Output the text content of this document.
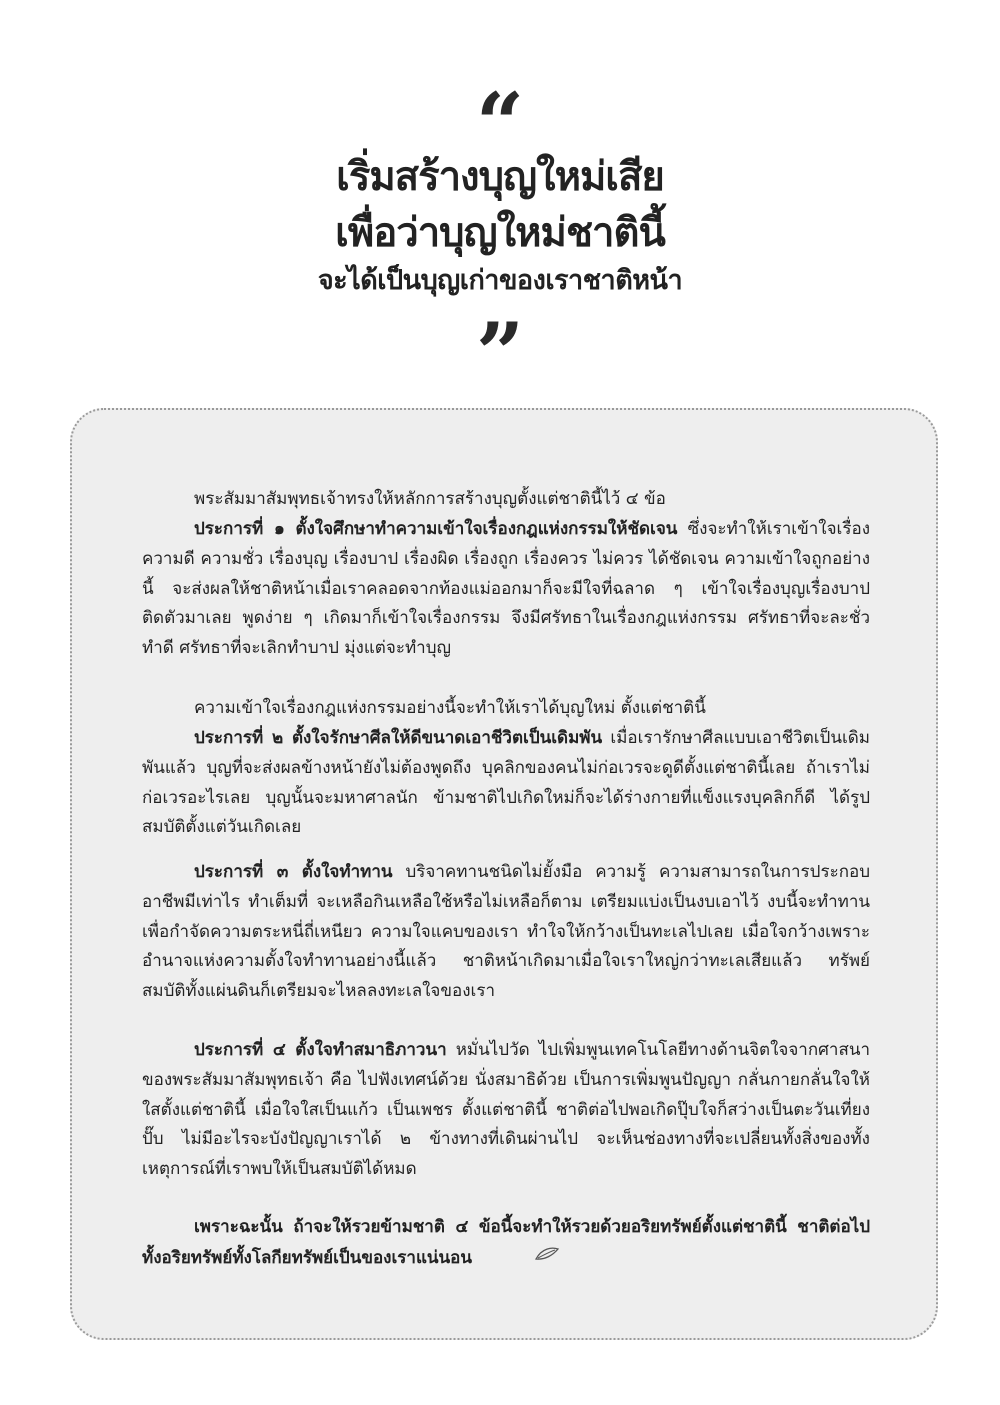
“
เริ่มสร้างบุญใหม่เสีย
เพื่อว่าบุญใหม่ชาตินี้
จะได้เป็นบุญเก่าของเราชาติหน้า
”

พระสัมมาสัมพุทธเจ้าทรงให้หลักการสร้างบุญตั้งแต่ชาตินี้ไว้ ๔ ข้อ

ประการที่ ๑ ตั้งใจศึกษาทำความเข้าใจเรื่องกฎแห่งกรรมให้ชัดเจน ซึ่งจะทำให้เราเข้าใจเรื่องความดี ความชั่ว เรื่องบุญ เรื่องบาป เรื่องผิด เรื่องถูก เรื่องควร ไม่ควร ได้ชัดเจน ความเข้าใจถูกอย่างนี้ จะส่งผลให้ชาติหน้าเมื่อเราคลอดจากท้องแม่ออกมาก็จะมีใจที่ฉลาด ๆ เข้าใจเรื่องบุญเรื่องบาปติดตัวมาเลย พูดง่าย ๆ เกิดมาก็เข้าใจเรื่องกรรม จึงมีศรัทธาในเรื่องกฎแห่งกรรม ศรัทธาที่จะละชั่ว ทำดี ศรัทธาที่จะเลิกทำบาป มุ่งแต่จะทำบุญ

ความเข้าใจเรื่องกฎแห่งกรรมอย่างนี้จะทำให้เราได้บุญใหม่ ตั้งแต่ชาตินี้

ประการที่ ๒ ตั้งใจรักษาศีลให้ดีขนาดเอาชีวิตเป็นเดิมพัน เมื่อเรารักษาศีลแบบเอาชีวิตเป็นเดิมพันแล้ว บุญที่จะส่งผลข้างหน้ายังไม่ต้องพูดถึง บุคลิกของคนไม่ก่อเวรจะดูดีตั้งแต่ชาตินี้เลย ถ้าเราไม่ก่อเวรอะไรเลย บุญนั้นจะมหาศาลนัก ข้ามชาติไปเกิดใหม่ก็จะได้ร่างกายที่แข็งแรงบุคลิกก็ดี ได้รูปสมบัติตั้งแต่วันเกิดเลย

ประการที่ ๓ ตั้งใจทำทาน บริจาคทานชนิดไม่ยั้งมือ ความรู้ ความสามารถในการประกอบอาชีพมีเท่าไร ทำเต็มที่ จะเหลือกินเหลือใช้หรือไม่เหลือก็ตาม เตรียมแบ่งเป็นงบเอาไว้ งบนี้จะทำทาน เพื่อกำจัดความตระหนี่ถี่เหนียว ความใจแคบของเรา ทำใจให้กว้างเป็นทะเลไปเลย เมื่อใจกว้างเพราะอำนาจแห่งความตั้งใจทำทานอย่างนี้แล้ว ชาติหน้าเกิดมาเมื่อใจเราใหญ่กว่าทะเลเสียแล้ว ทรัพย์สมบัติทั้งแผ่นดินก็เตรียมจะไหลลงทะเลใจของเรา

ประการที่ ๔ ตั้งใจทำสมาธิภาวนา หมั่นไปวัด ไปเพิ่มพูนเทคโนโลยีทางด้านจิตใจจากศาสนาของพระสัมมาสัมพุทธเจ้า คือ ไปฟังเทศน์ด้วย นั่งสมาธิด้วย เป็นการเพิ่มพูนปัญญา กลั่นกายกลั่นใจให้ใสตั้งแต่ชาตินี้ เมื่อใจใสเป็นแก้ว เป็นเพชร ตั้งแต่ชาตินี้ ชาติต่อไปพอเกิดปุ๊บใจก็สว่างเป็นตะวันเที่ยงปั๊บ ไม่มีอะไรจะบังปัญญาเราได้ ๒ ข้างทางที่เดินผ่านไป จะเห็นช่องทางที่จะเปลี่ยนทั้งสิ่งของทั้งเหตุการณ์ที่เราพบให้เป็นสมบัติได้หมด

เพราะฉะนั้น ถ้าจะให้รวยข้ามชาติ ๔ ข้อนี้จะทำให้รวยด้วยอริยทรัพย์ตั้งแต่ชาตินี้ ชาติต่อไปทั้งอริยทรัพย์ทั้งโลกียทรัพย์เป็นของเราแน่นอน
